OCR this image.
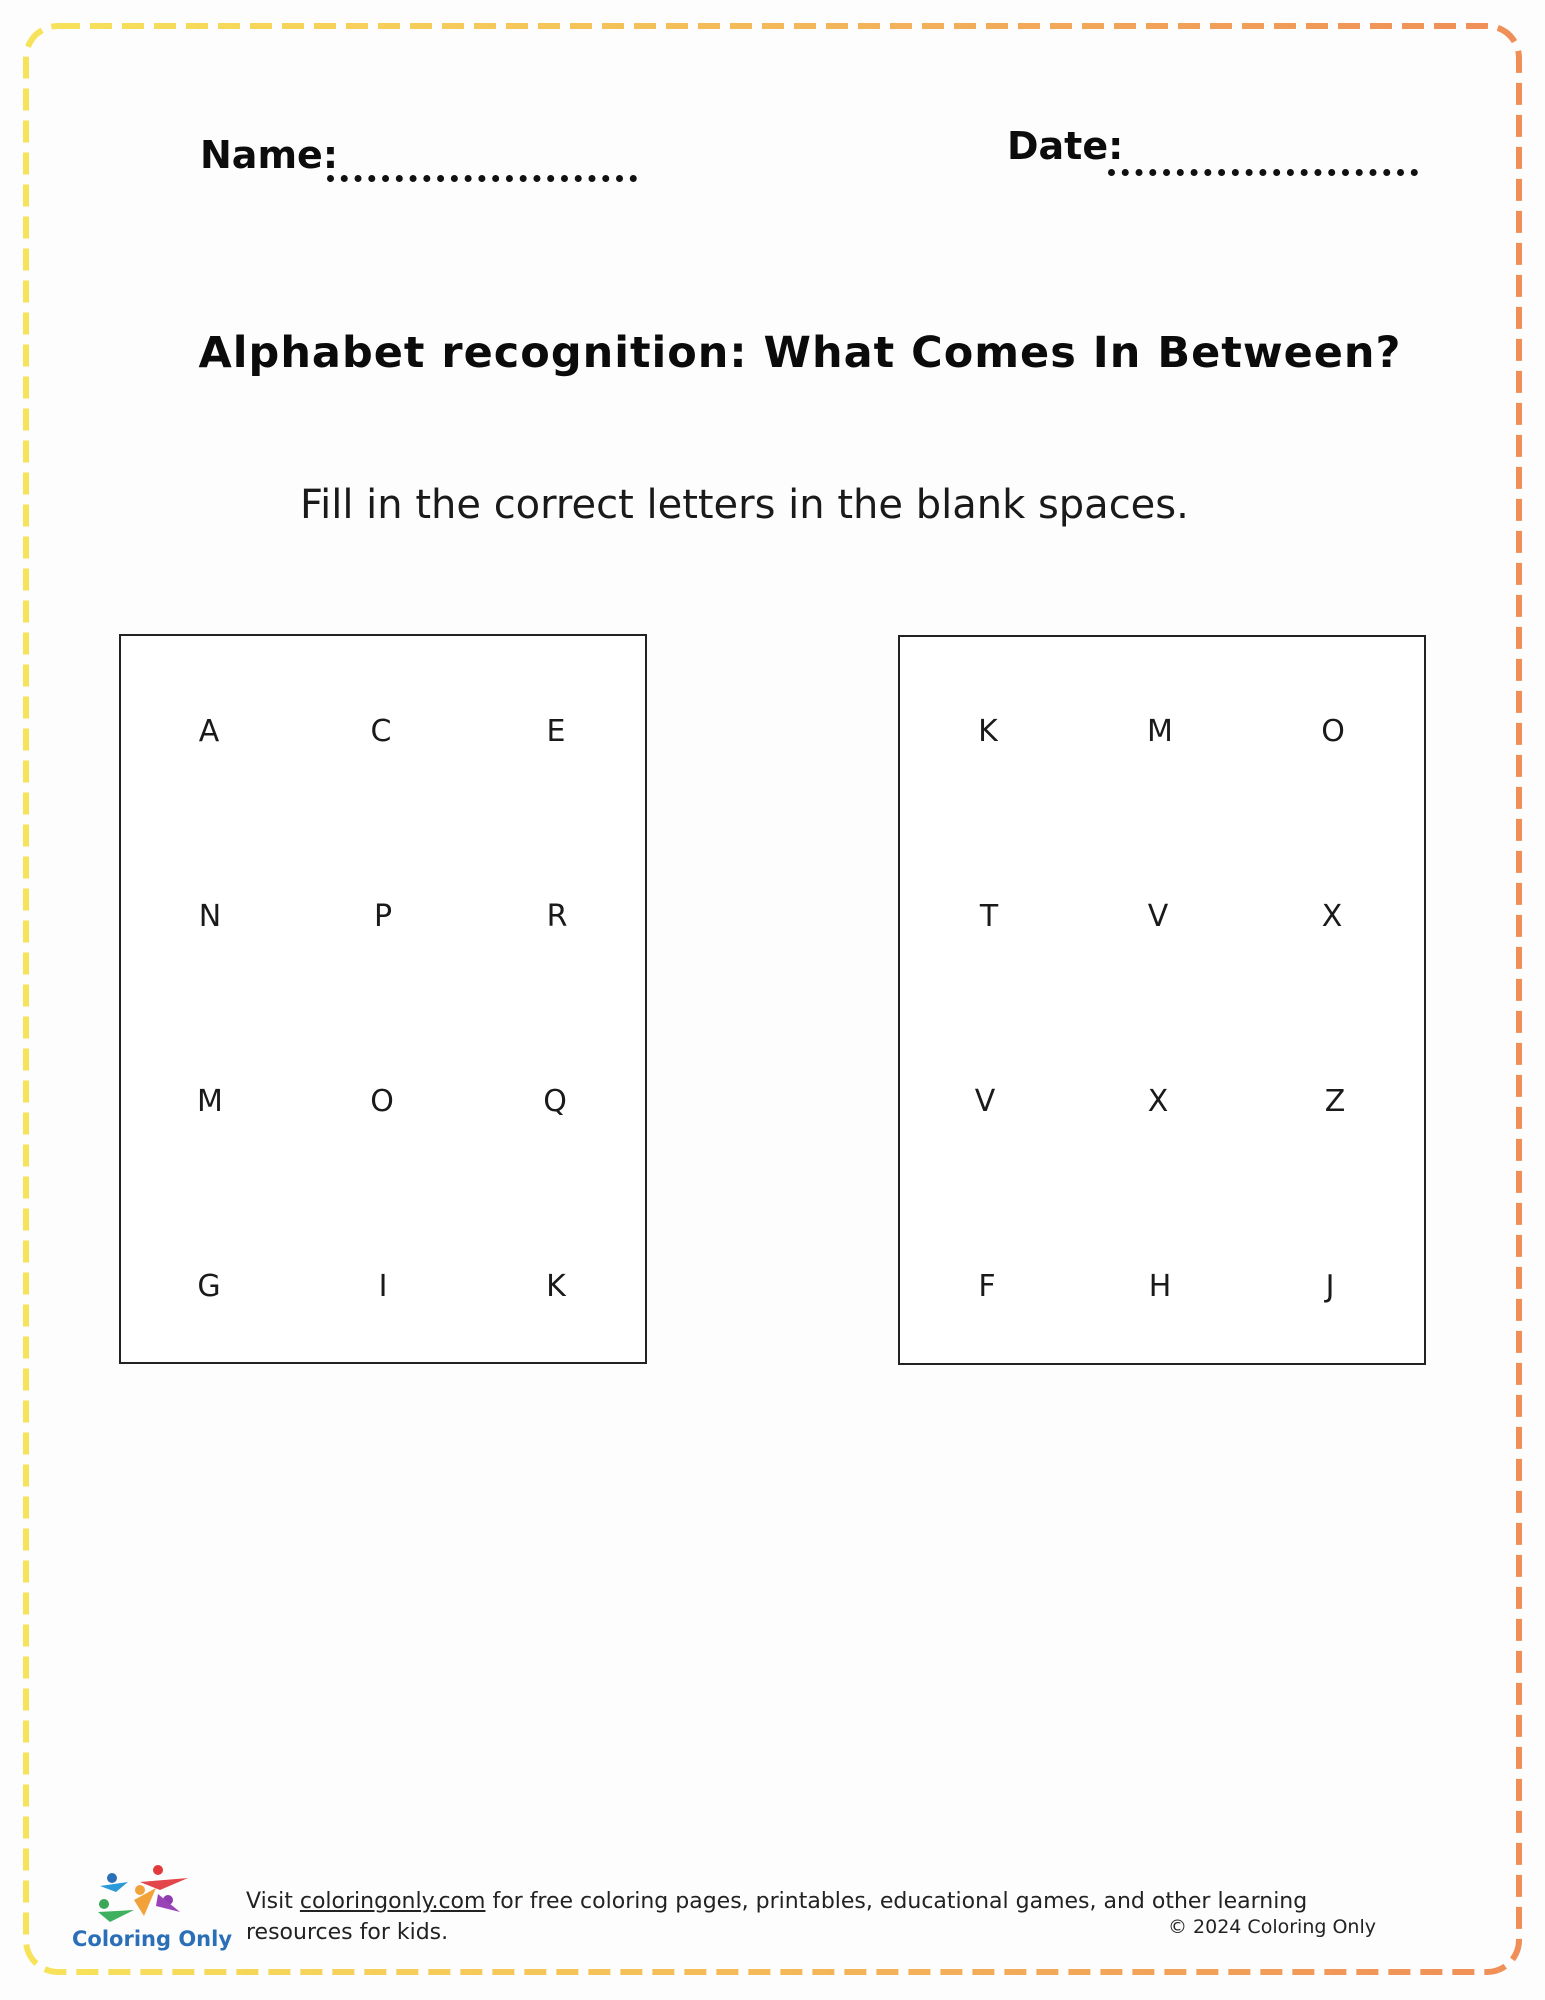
Name:	Date:
Alphabet recognition: What Comes In Between?
Fill in the correct letters in the blank spaces.
A	C	E
N	P	R
M	O	Q
G	I	K
K	M	O
T	V	X
V	X	Z
F	H	J
Coloring Only
Visit coloringonly.com for free coloring pages, printables, educational games, and other learning resources for kids.	© 2024 Coloring Only
